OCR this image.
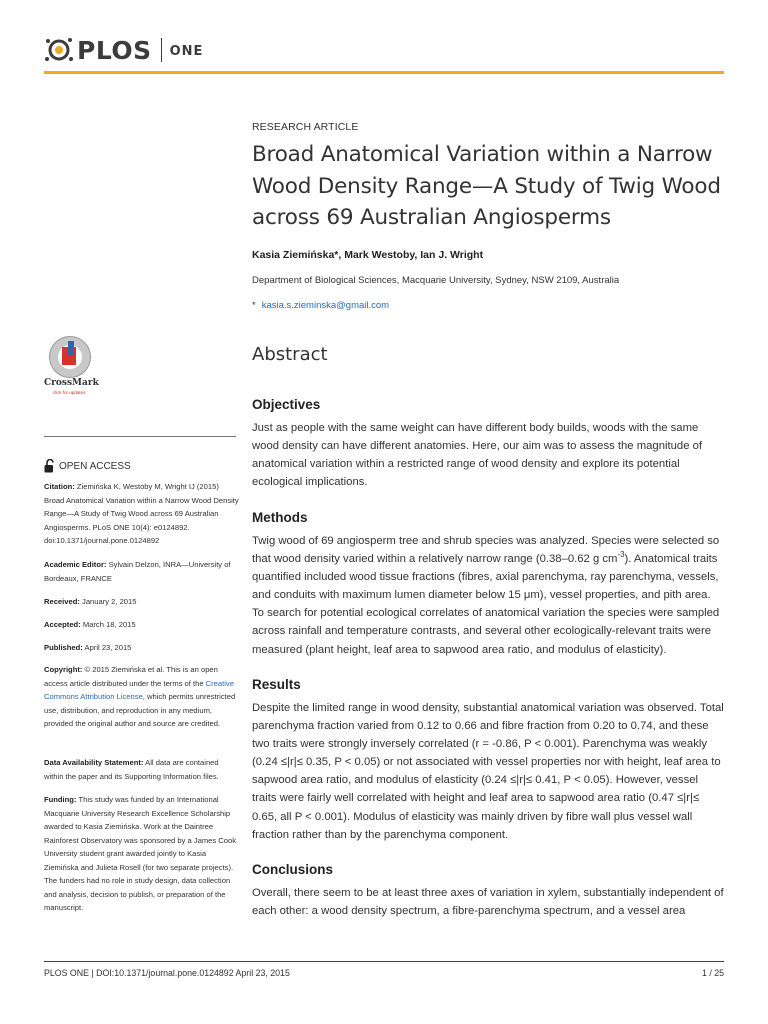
PLOS ONE
RESEARCH ARTICLE
Broad Anatomical Variation within a Narrow Wood Density Range—A Study of Twig Wood across 69 Australian Angiosperms
Kasia Ziemińska*, Mark Westoby, Ian J. Wright
Department of Biological Sciences, Macquarie University, Sydney, NSW 2109, Australia
* kasia.s.zieminska@gmail.com
Abstract
Objectives

Just as people with the same weight can have different body builds, woods with the same wood density can have different anatomies. Here, our aim was to assess the magnitude of anatomical variation within a restricted range of wood density and explore its potential ecological implications.

Methods

Twig wood of 69 angiosperm tree and shrub species was analyzed. Species were selected so that wood density varied within a relatively narrow range (0.38–0.62 g $cm^{-3}$). Anatomical traits quantified included wood tissue fractions (fibres, axial parenchyma, ray parenchyma, vessels, and conduits with maximum lumen diameter below 15 μm), vessel properties, and pith area. To search for potential ecological correlates of anatomical variation the species were sampled across rainfall and temperature contrasts, and several other ecologically-relevant traits were measured (plant height, leaf area to sapwood area ratio, and modulus of elasticity).

Results

Despite the limited range in wood density, substantial anatomical variation was observed. Total parenchyma fraction varied from 0.12 to 0.66 and fibre fraction from 0.20 to 0.74, and these two traits were strongly inversely correlated (r = -0.86, P < 0.001). Parenchyma was weakly (0.24 ≤|r|≤ 0.35, P < 0.05) or not associated with vessel properties nor with height, leaf area to sapwood area ratio, and modulus of elasticity (0.24 ≤|r|≤ 0.41, P < 0.05). However, vessel traits were fairly well correlated with height and leaf area to sapwood area ratio (0.47 ≤|r|≤ 0.65, all P < 0.001). Modulus of elasticity was mainly driven by fibre wall plus vessel wall fraction rather than by the parenchyma component.

Conclusions

Overall, there seem to be at least three axes of variation in xylem, substantially independent of each other: a wood density spectrum, a fibre-parenchyma spectrum, and a vessel area

CrossMark
click for updates
OPEN ACCESS

Citation: Ziemińska K, Westoby M, Wright IJ (2015) Broad Anatomical Variation within a Narrow Wood Density Range—A Study of Twig Wood across 69 Australian Angiosperms. PLoS ONE 10(4): e0124892. doi:10.1371/journal.pone.0124892

Academic Editor: Sylvain Delzon, INRA—University of Bordeaux, FRANCE

Received: January 2, 2015

Accepted: March 18, 2015

Published: April 23, 2015

Copyright: © 2015 Ziemińska et al. This is an open access article distributed under the terms of the Creative Commons Attribution License, which permits unrestricted use, distribution, and reproduction in any medium, provided the original author and source are credited.

Data Availability Statement: All data are contained within the paper and its Supporting Information files.

Funding: This study was funded by an International Macquarie University Research Excellence Scholarship awarded to Kasia Ziemińska. Work at the Daintree Rainforest Observatory was sponsored by a James Cook University student grant awarded jointly to Kasia Ziemińska and Julieta Rosell (for two separate projects). The funders had no role in study design, data collection and analysis, decision to publish, or preparation of the manuscript.

PLOS ONE | DOI:10.1371/journal.pone.0124892 April 23, 2015	1 / 25
